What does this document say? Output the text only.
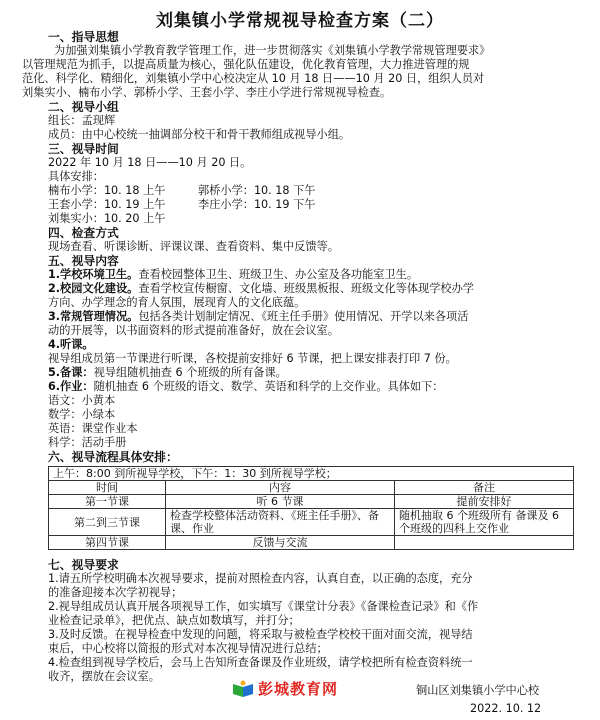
刘集镇小学常规视导检查方案（二）
一、指导思想
为加强刘集镇小学教育教学管理工作，进一步贯彻落实《刘集镇小学教学常规管理要求》
以管理规范为抓手，以提高质量为核心，强化队伍建设，优化教育管理，大力推进管理的规
范化、科学化、精细化，刘集镇小学中心校决定从 10 月 18 日——10 月 20 日，组织人员对
刘集实小、楠布小学、郭桥小学、王套小学、李庄小学进行常规视导检查。
二、视导小组
组长：孟现辉
成员：由中心校统一抽调部分校干和骨干教师组成视导小组。
三、视导时间
2022 年 10 月 18 日——10 月 20 日。
具体安排：
楠布小学：10. 18 上午	郭桥小学：10. 18 下午
王套小学：10. 19 上午	李庄小学：10. 19 下午
刘集实小：10. 20 上午
四、检查方式
现场查看、听课诊断、评课议课、查看资料、集中反馈等。
五、视导内容
1.学校环境卫生。查看校园整体卫生、班级卫生、办公室及各功能室卫生。
2.校园文化建设。查看学校宣传橱窗、文化墙、班级黑板报、班级文化等体现学校办学
方向、办学理念的育人氛围，展现育人的文化底蕴。
3.常规管理情况。包括各类计划制定情况、《班主任手册》使用情况、开学以来各项活
动的开展等，以书面资料的形式提前准备好，放在会议室。
4.听课。
视导组成员第一节课进行听课，各校提前安排好 6 节课，把上课安排表打印 7 份。
5.备课：视导组随机抽查 6 个班级的所有备课。
6.作业：随机抽查 6 个班级的语文、数学、英语和科学的上交作业。具体如下：
语文：小黄本
数学：小绿本
英语：课堂作业本
科学：活动手册
六、视导流程具体安排：
上午：8:00 到所视导学校，下午：1：30 到所视导学校；		
时间	内容	备注
第一节课	听 6 节课	提前安排好
第二到三节课	检查学校整体活动资料、《班主任手册》、备课、作业	随机抽取 6 个班级所有 备课及 6 个班级的四科上交作业
第四节课	反馈与交流	
七、视导要求
1.请五所学校明确本次视导要求，提前对照检查内容，认真自查，以正确的态度，充分
的准备迎接本次学初视导；
2.视导组成员认真开展各项视导工作，如实填写《课堂计分表》《备课检查记录》和《作
业检查记录单》，把优点、缺点如数填写，并打分；
3.及时反馈。在视导检查中发现的问题，将采取与被检查学校校干面对面交流，视导结
束后，中心校将以简报的形式对本次视导情况进行总结；
4.检查组到视导学校后，会马上告知所查备课及作业班级，请学校把所有检查资料统一
收齐，摆放在会议室。
彭城教育网	铜山区刘集镇小学中心校
2022. 10. 12
